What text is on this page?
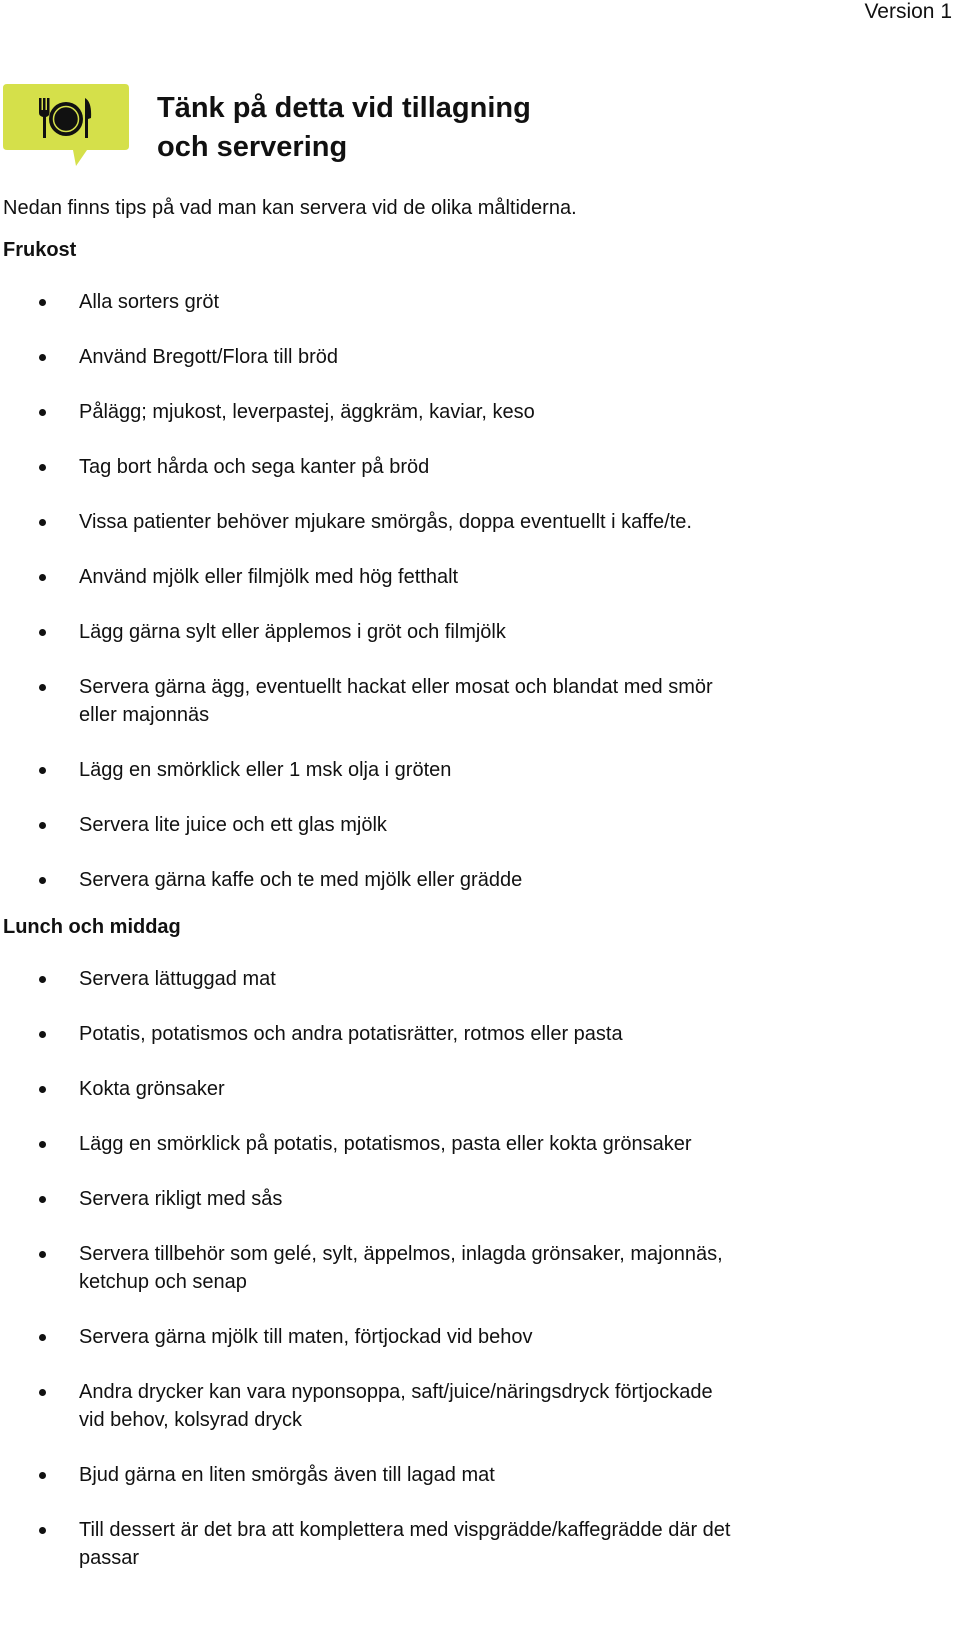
Version 1
Tänk på detta vid tillagning
och servering

Nedan finns tips på vad man kan servera vid de olika måltiderna.

Frukost
Alla sorters gröt
Använd Bregott/Flora till bröd
Pålägg; mjukost, leverpastej, äggkräm, kaviar, keso
Tag bort hårda och sega kanter på bröd
Vissa patienter behöver mjukare smörgås, doppa eventuellt i kaffe/te.
Använd mjölk eller filmjölk med hög fetthalt
Lägg gärna sylt eller äpplemos i gröt och filmjölk
Servera gärna ägg, eventuellt hackat eller mosat och blandat med smör eller majonnäs
Lägg en smörklick eller 1 msk olja i gröten
Servera lite juice och ett glas mjölk
Servera gärna kaffe och te med mjölk eller grädde
Lunch och middag
Servera lättuggad mat
Potatis, potatismos och andra potatisrätter, rotmos eller pasta
Kokta grönsaker
Lägg en smörklick på potatis, potatismos, pasta eller kokta grönsaker
Servera rikligt med sås
Servera tillbehör som gelé, sylt, äppelmos, inlagda grönsaker, majonnäs, ketchup och senap
Servera gärna mjölk till maten, förtjockad vid behov
Andra drycker kan vara nyponsoppa, saft/juice/näringsdryck förtjockade vid behov, kolsyrad dryck
Bjud gärna en liten smörgås även till lagad mat
Till dessert är det bra att komplettera med vispgrädde/kaffegrädde där det passar
